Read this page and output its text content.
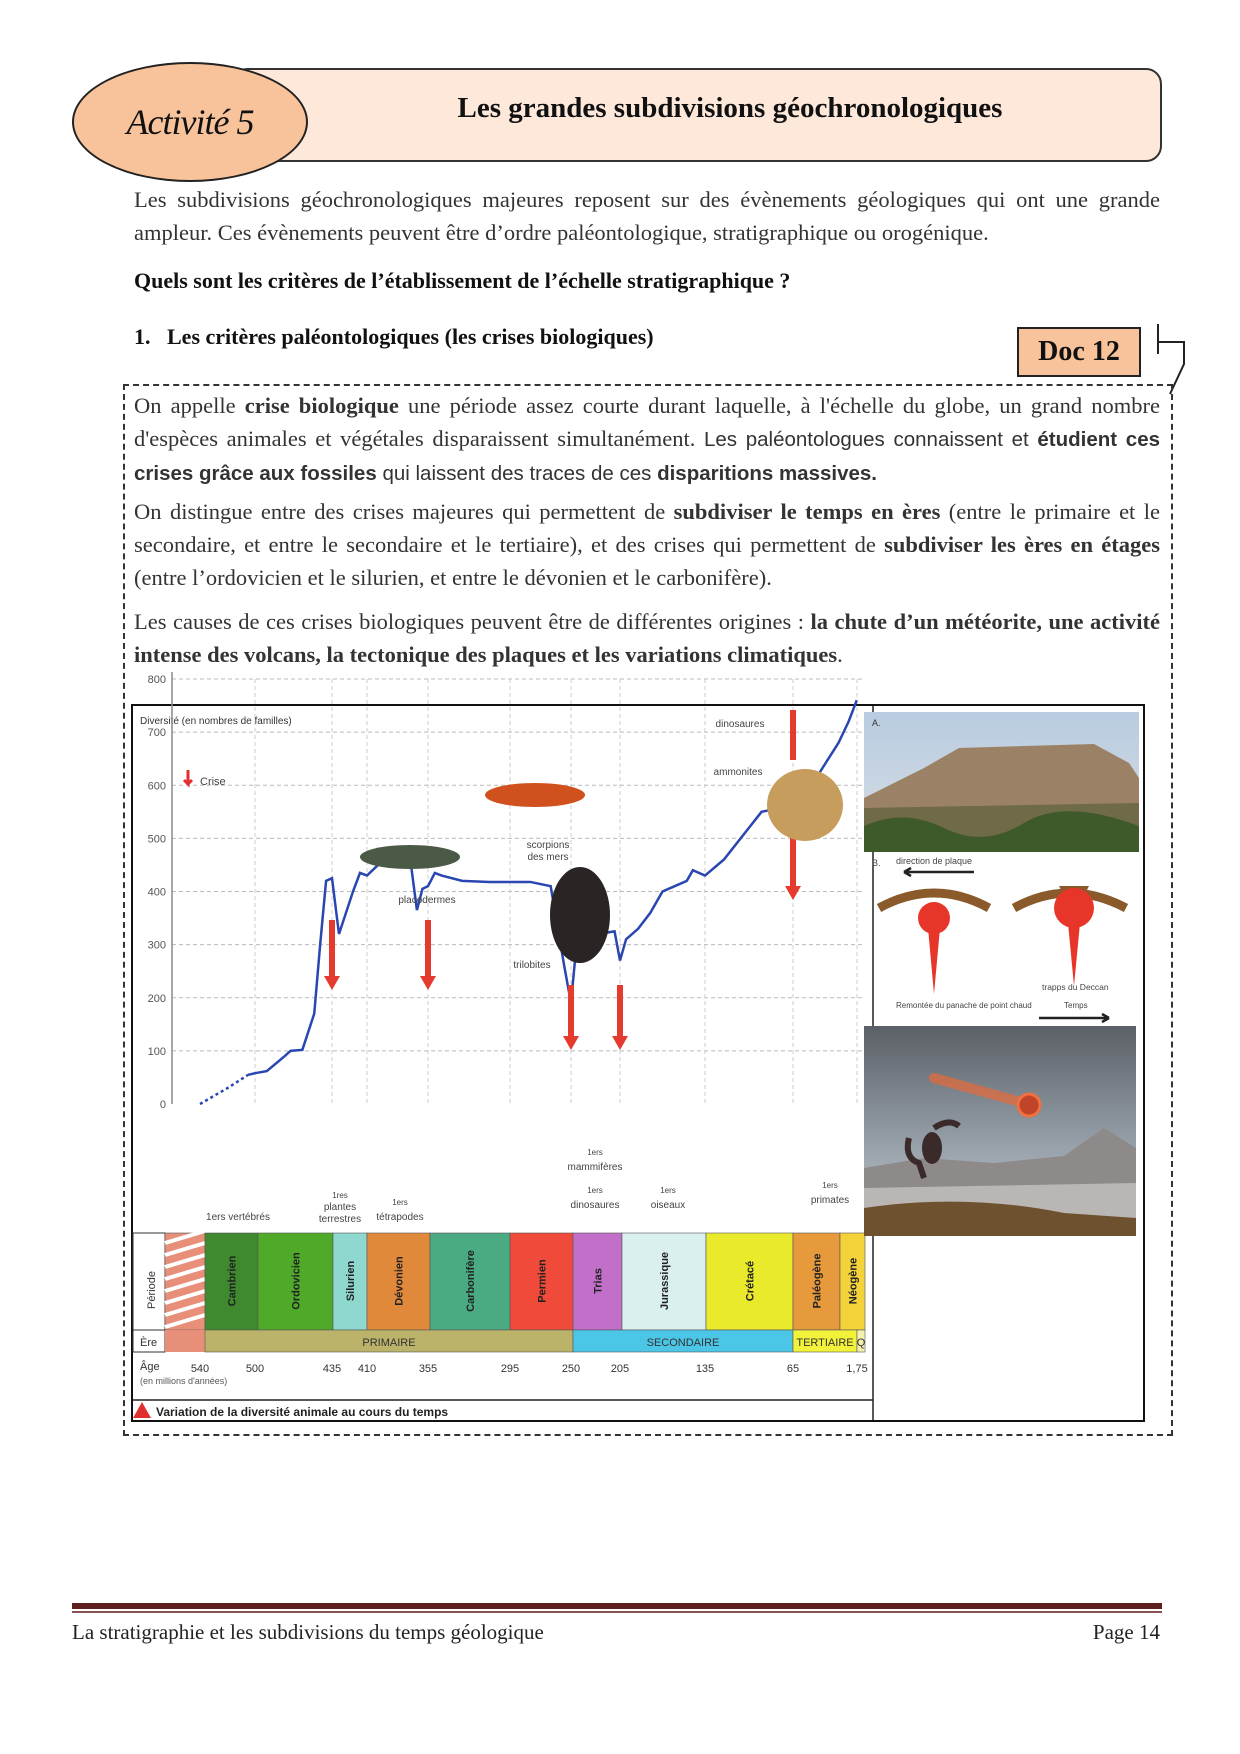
Activité 5	Les grandes subdivisions géochronologiques
Les subdivisions géochronologiques majeures reposent sur des évènements géologiques qui ont une grande ampleur. Ces évènements peuvent être d’ordre paléontologique, stratigraphique ou orogénique.
Quels sont les critères de l’établissement de l’échelle stratigraphique ?
1. Les critères paléontologiques (les crises biologiques)	Doc 12
On appelle crise biologique une période assez courte durant laquelle, à l'échelle du globe, un grand nombre d'espèces animales et végétales disparaissent simultanément. Les paléontologues connaissent et étudient ces crises grâce aux fossiles qui laissent des traces de ces disparitions massives.
On distingue entre des crises majeures qui permettent de subdiviser le temps en ères (entre le primaire et le secondaire, et entre le secondaire et le tertiaire), et des crises qui permettent de subdiviser les ères en étages (entre l’ordovicien et le silurien, et entre le dévonien et le carbonifère).
Les causes de ces crises biologiques peuvent être de différentes origines : la chute d’un météorite, une activité intense des volcans, la tectonique des plaques et les variations climatiques.
Diversité (en nombres de familles)
0
100
200
300
400
500
600
700
800
Crise
placodermes
scorpions
des mers
trilobites
dinosaures
ammonites
1ers vertébrés
1res
plantes
terrestres
1ers
tétrapodes
1ers
mammifères
1ers
dinosaures
1ers
oiseaux
1ers
primates
Période	Cambrien	Ordovicien	Silurien	Dévonien	Carbonifère	Permien	Trias	Jurassique	Crétacé	Paléogène Néogène
Ère	PRIMAIRE	SECONDAIRE	TERTIAIRE Q
Âge
(en millions d'années)
540	500	435 410	355	295	250	205	135	65	1,75
Variation de la diversité animale au cours du temps
A.
B. direction de plaque
Remontée du panache de point chaud
trapps du Deccan
Temps
La stratigraphie et les subdivisions du temps géologique	Page 14
